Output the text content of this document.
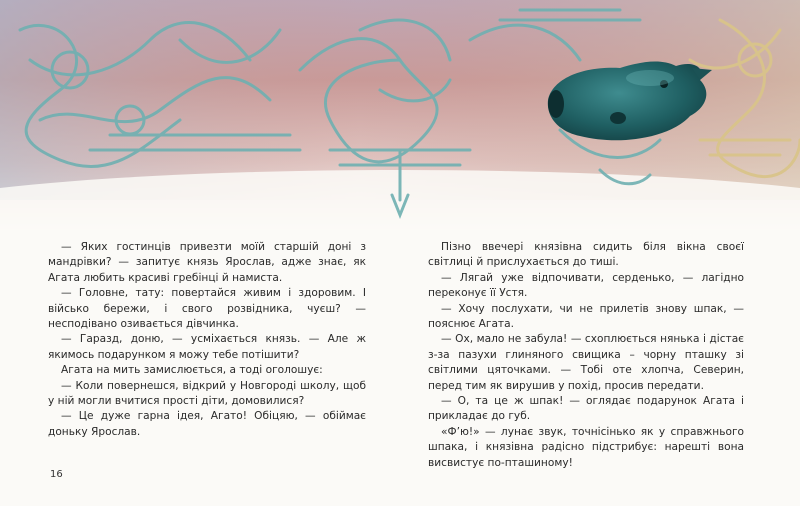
— Яких гостинців привезти моїй старшій доні з мандрівки? — запитує князь Ярослав, адже знає, як Агата любить красиві гребінці й намиста.

— Головне, тату: повертайся живим і здоровим. І військо бережи, і свого розвідника, чуєш? — несподівано озивається дівчинка.

— Гаразд, доню, — усміхається князь. — Але ж якимось подарунком я можу тебе потішити?

Агата на мить замислюється, а тоді оголошує:

— Коли повернешся, відкрий у Новгороді школу, щоб у ній могли вчитися прості діти, домовилися?

— Це дуже гарна ідея, Агато! Обіцяю, — обіймає доньку Ярослав.

Пізно ввечері князівна сидить біля вікна своєї світлиці й прислухається до тиші.

— Лягай уже відпочивати, серденько, — лагідно переконує її Устя.

— Хочу послухати, чи не прилетів знову шпак, — пояснює Агата.

— Ох, мало не забула! — схоплюється нянька і дістає з-за пазухи глиняного свищика – чорну пташку зі світлими цяточками. — Тобі оте хлопча, Северин, перед тим як вирушив у похід, просив передати.

— О, та це ж шпак! — оглядає подарунок Агата і прикладає до губ.

«Фʼю!» — лунає звук, точнісінько як у справжнього шпака, і князівна радісно підстрибує: нарешті вона висвистує по-пташиному!

16
